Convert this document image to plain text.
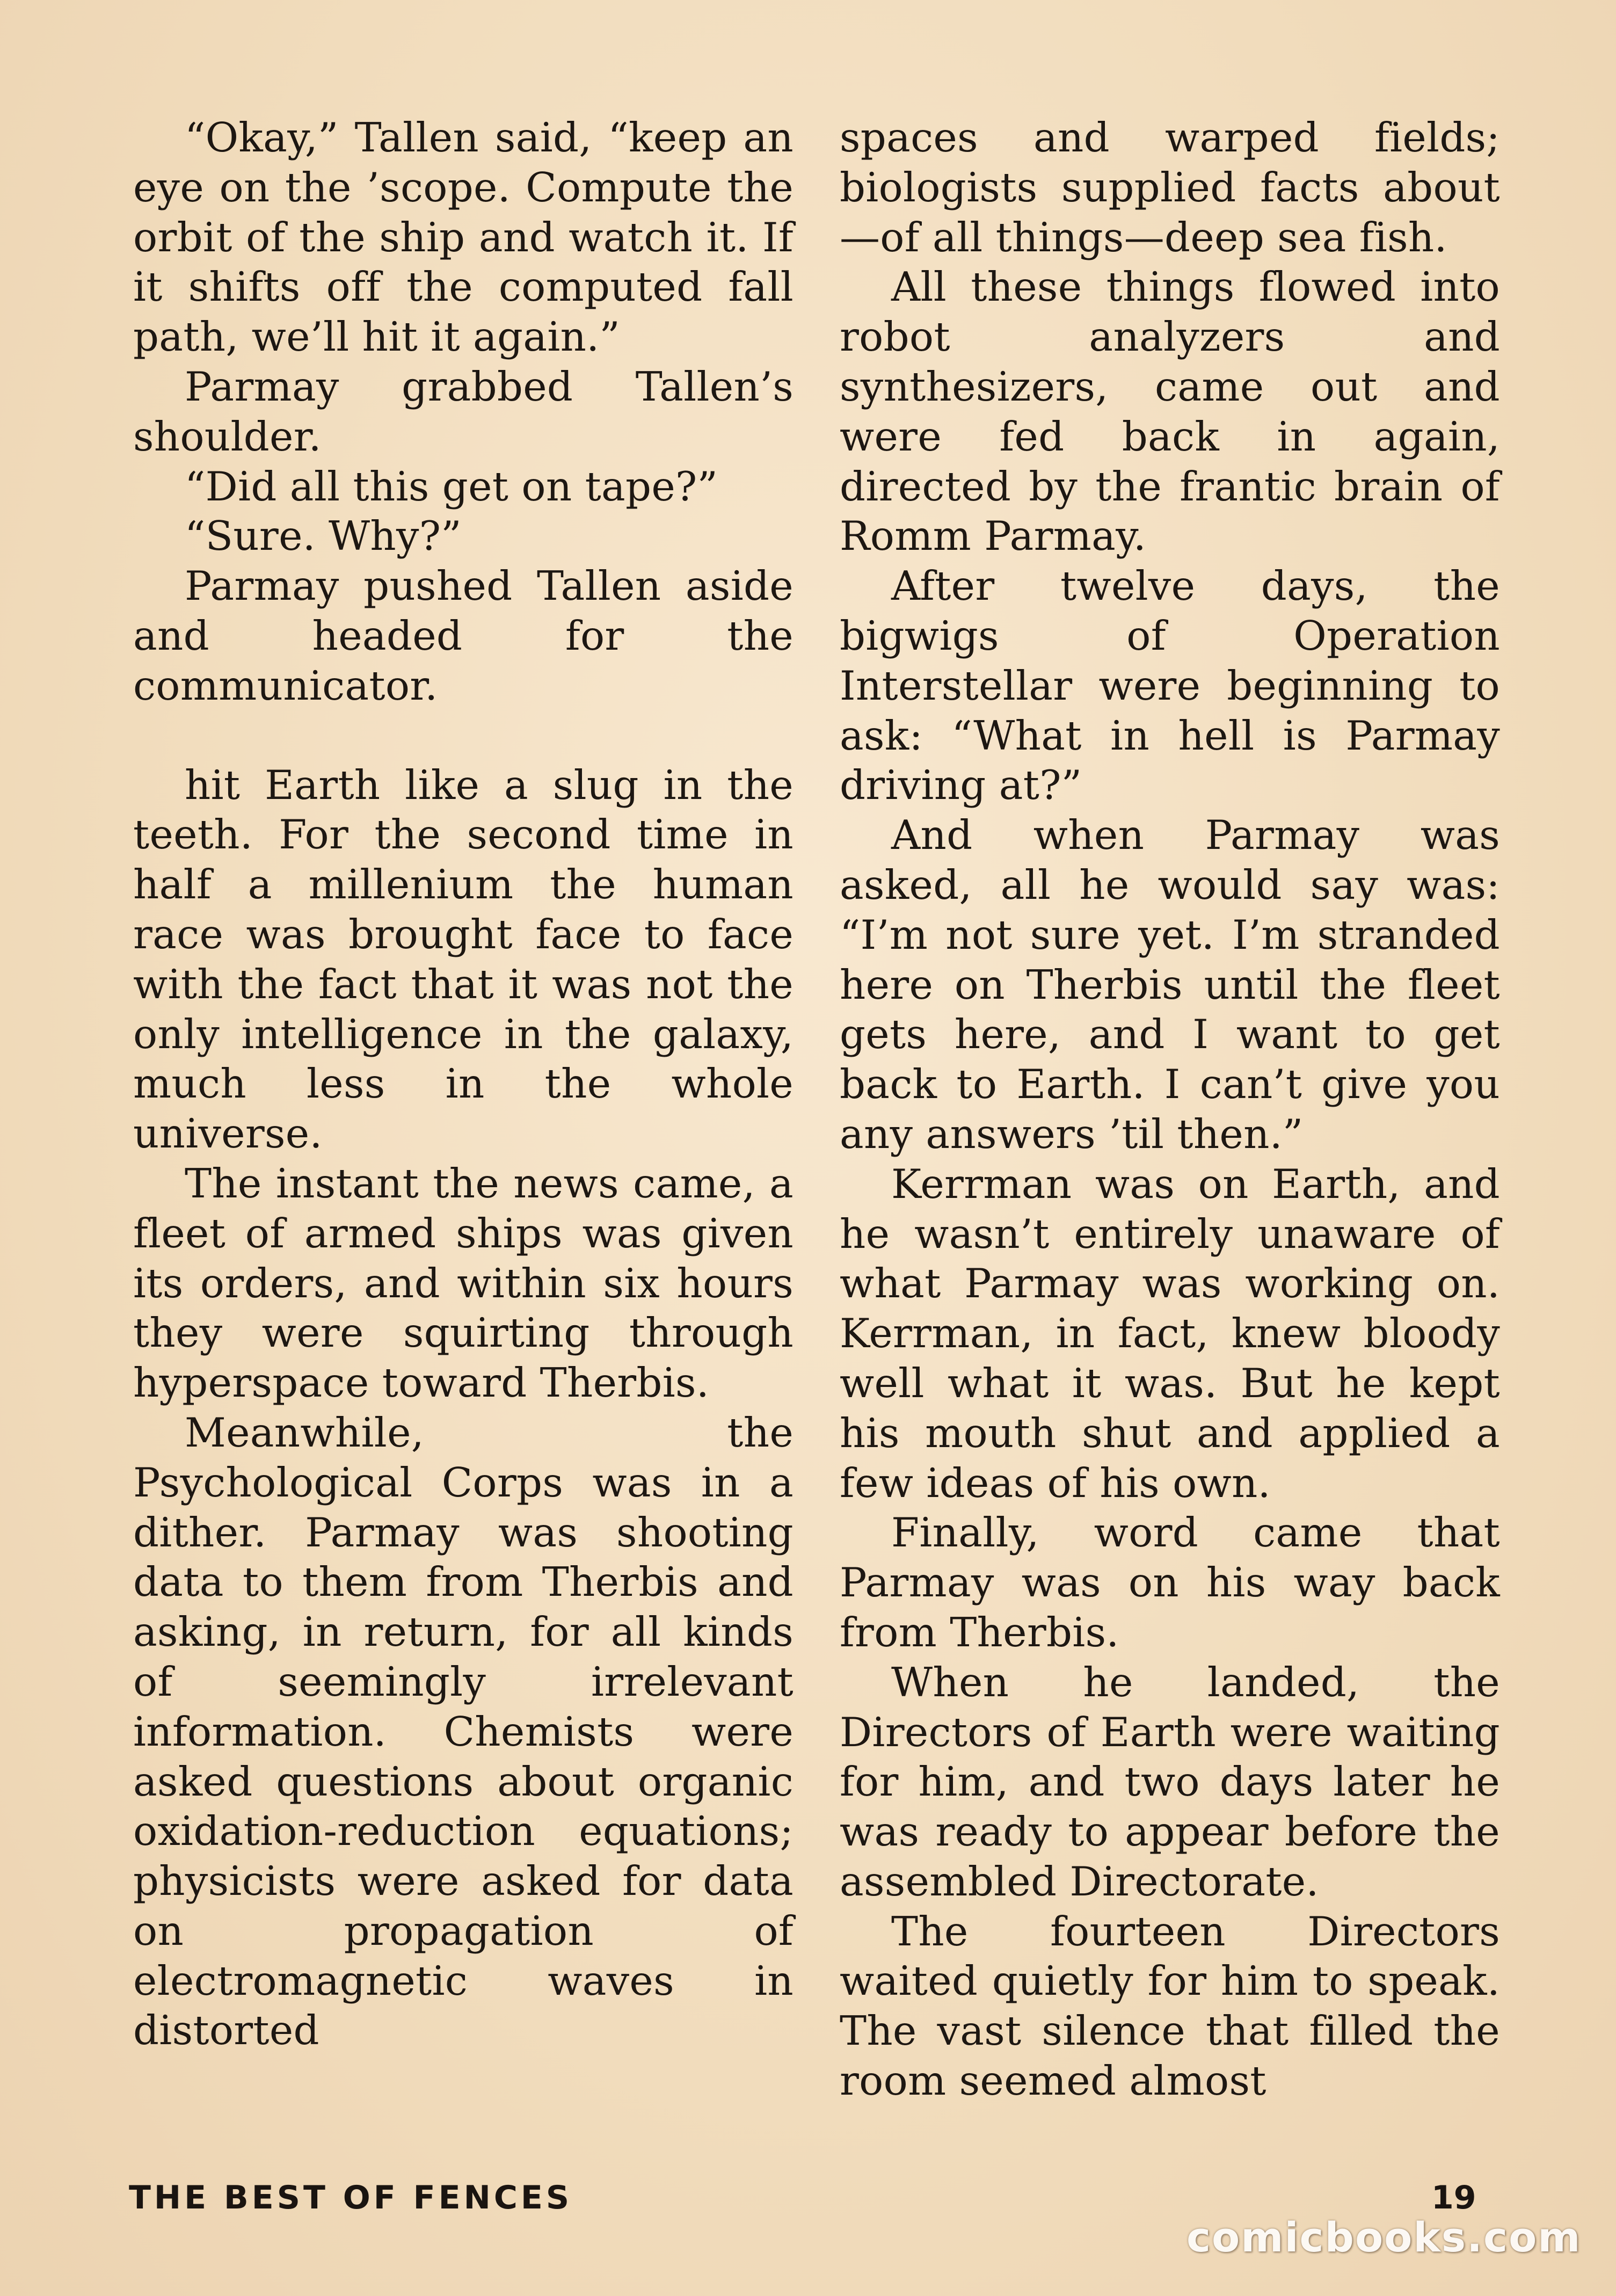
“Okay,” Tallen said, “keep an eye on the ’scope. Compute the orbit of the ship and watch it. If it shifts off the computed fall path, we’ll hit it again.”

Parmay grabbed Tallen’s shoulder.

“Did all this get on tape?”

“Sure. Why?”

Parmay pushed Tallen aside and headed for the communicator.

hit Earth like a slug in the teeth. For the second time in half a millenium the human race was brought face to face with the fact that it was not the only intelligence in the galaxy, much less in the whole universe.

The instant the news came, a fleet of armed ships was given its orders, and within six hours they were squirting through hyperspace toward Therbis.

Meanwhile, the Psychological Corps was in a dither. Parmay was shooting data to them from Therbis and asking, in return, for all kinds of seemingly irrelevant information. Chemists were asked questions about organic oxidation-reduction equations; physicists were asked for data on propagation of electromagnetic waves in distorted

spaces and warped fields; biologists supplied facts about —of all things—deep sea fish.

All these things flowed into robot analyzers and synthesizers, came out and were fed back in again, directed by the frantic brain of Romm Parmay.

After twelve days, the bigwigs of Operation Interstellar were beginning to ask: “What in hell is Parmay driving at?”

And when Parmay was asked, all he would say was: “I’m not sure yet. I’m stranded here on Therbis until the fleet gets here, and I want to get back to Earth. I can’t give you any answers ’til then.”

Kerrman was on Earth, and he wasn’t entirely unaware of what Parmay was working on. Kerrman, in fact, knew bloody well what it was. But he kept his mouth shut and applied a few ideas of his own.

Finally, word came that Parmay was on his way back from Therbis.

When he landed, the Directors of Earth were waiting for him, and two days later he was ready to appear before the assembled Directorate.

The fourteen Directors waited quietly for him to speak. The vast silence that filled the room seemed almost

THE BEST OF FENCES	19
comicbooks.com
